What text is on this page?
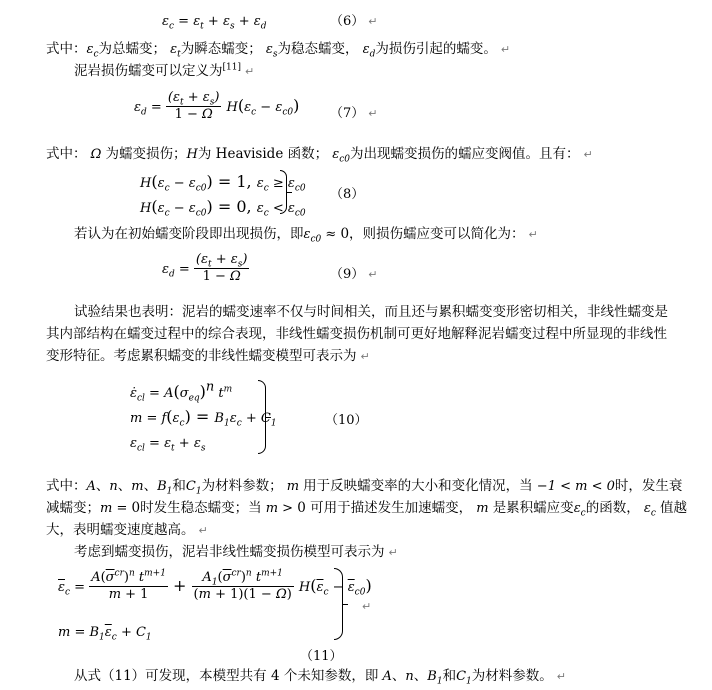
$\varepsilon_c = \varepsilon_t + \varepsilon_s + \varepsilon_d$	（6） ↵
式中：$\varepsilon_c$为总蠕变； $\varepsilon_t$为瞬态蠕变； $\varepsilon_s$为稳态蠕变， $\varepsilon_d$为损伤引起的蠕变。 ↵
泥岩损伤蠕变可以定义为[11] ↵
$\varepsilon_d = \frac{(\varepsilon_t + \varepsilon_s)}{1 - \Omega} H(\varepsilon_c - \varepsilon_{c0})$ （7） ↵
式中： Ω 为蠕变损伤；H为 Heaviside 函数； $\varepsilon_{c0}$为出现蠕变损伤的蠕应变阀值。且有： ↵
$H(\varepsilon_c - \varepsilon_{c0}) = 1$, $\varepsilon_c \ge \varepsilon_{c0}$
$H(\varepsilon_c - \varepsilon_{c0}) = 0$, $\varepsilon_c < \varepsilon_{c0}$
（8）
若认为在初始蠕变阶段即出现损伤，即$\varepsilon_{c0} \approx 0$，则损伤蠕应变可以简化为： ↵
$\varepsilon_d = \frac{(\varepsilon_t + \varepsilon_s)}{1 - \Omega}$	（9） ↵
试验结果也表明：泥岩的蠕变速率不仅与时间相关，而且还与累积蠕变变形密切相关，非线性蠕变是
其内部结构在蠕变过程中的综合表现，非线性蠕变损伤机制可更好地解释泥岩蠕变过程中所显现的非线性
变形特征。考虑累积蠕变的非线性蠕变模型可表示为 ↵
$\varepsiloṅ_{cl} = A(\sigma_{eq})^n$ $t^m$
$m = f(\varepsilon_c) = B_1\varepsilon_c + C_1$
$\varepsilon_{cl} = \varepsilon_t + \varepsilon_s$
（10）
式中：A、n、m、$B_1$和$C_1$为材料参数； m 用于反映蠕变率的大小和变化情况，当 −1 < m < 0时，发生衰
减蠕变；m = 0时发生稳态蠕变；当 m > 0 可用于描述发生加速蠕变， m 是累积蠕应变$\varepsilon_c$的函数， $\varepsilon_c$ 值越
大，表明蠕变速度越高。 ↵
考虑到蠕变损伤，泥岩非线性蠕变损伤模型可表示为 ↵
$\overline{\varepsilon}_c = \frac{A(\overline{\sigma}^{cr})^n t^{m+1}}{m + 1} + \frac{A_1(\overline{\sigma}^{cr})^n t^{m+1}}{(m + 1)(1 - \Omega)} H(\overline{\varepsilon}_c - \overline{\varepsilon}_{c0})$
$m = B_1\overline{\varepsilon}_c + C_1$
↵
（11）
从式（11）可发现，本模型共有 4 个未知参数，即 A、n、$B_1$和$C_1$为材料参数。 ↵
